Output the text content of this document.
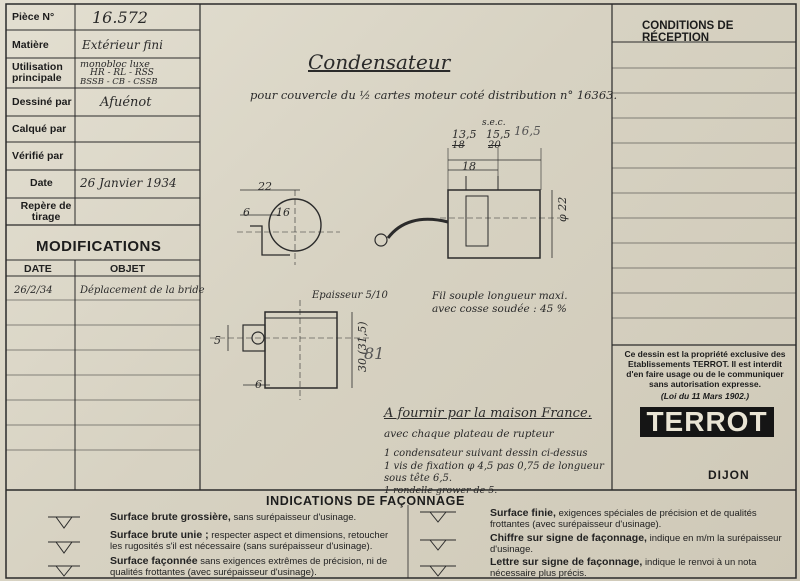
Pièce N° 16.572
Matière	Extérieur fini
Utilisation principale
monobloc luxe
HR - RL - RSS
BSSB - CB - CSSB
Dessiné par Afuénot
Calqué par
Vérifié par
Date 26 Janvier 1934
Repère de tirage
MODIFICATIONS
DATE	OBJET
26/2/34	Déplacement de la bride
Condensateur
pour couvercle du ½ cartes moteur coté distribution n° 16363.
22
6 16
s.e.c.
13,5 15,5 16,5
18 20
18
φ 22
Epaisseur 5/10
5
6
30 (31,5)
81
Fil souple longueur maxi.
avec cosse soudée : 45 %
A fournir par la maison France.
avec chaque plateau de rupteur
1 condensateur suivant dessin ci-dessus
1 vis de fixation φ 4,5 pas 0,75 de longueur sous tête 6,5.
1 rondelle grower de 5.
CONDITIONS DE RÉCEPTION
Ce dessin est la propriété exclusive des
Etablissements TERROT. Il est interdit
d'en faire usage ou de le communiquer
sans autorisation expresse.
(Loi du 11 Mars 1902.)
TERROT
DIJON
INDICATIONS DE FAÇONNAGE
Surface brute grossière, sans surépaisseur d'usinage.
Surface brute unie ; respecter aspect et dimensions, retoucher les rugosités s'il est nécessaire (sans surépaisseur d'usinage).
Surface façonnée sans exigences extrêmes de précision, ni de qualités frottantes (avec surépaisseur d'usinage).
Surface finie, exigences spéciales de précision et de qualités frottantes (avec surépaisseur d'usinage).
Chiffre sur signe de façonnage, indique en m/m la surépaisseur d'usinage.
Lettre sur signe de façonnage, indique le renvoi à un nota nécessaire plus précis.
